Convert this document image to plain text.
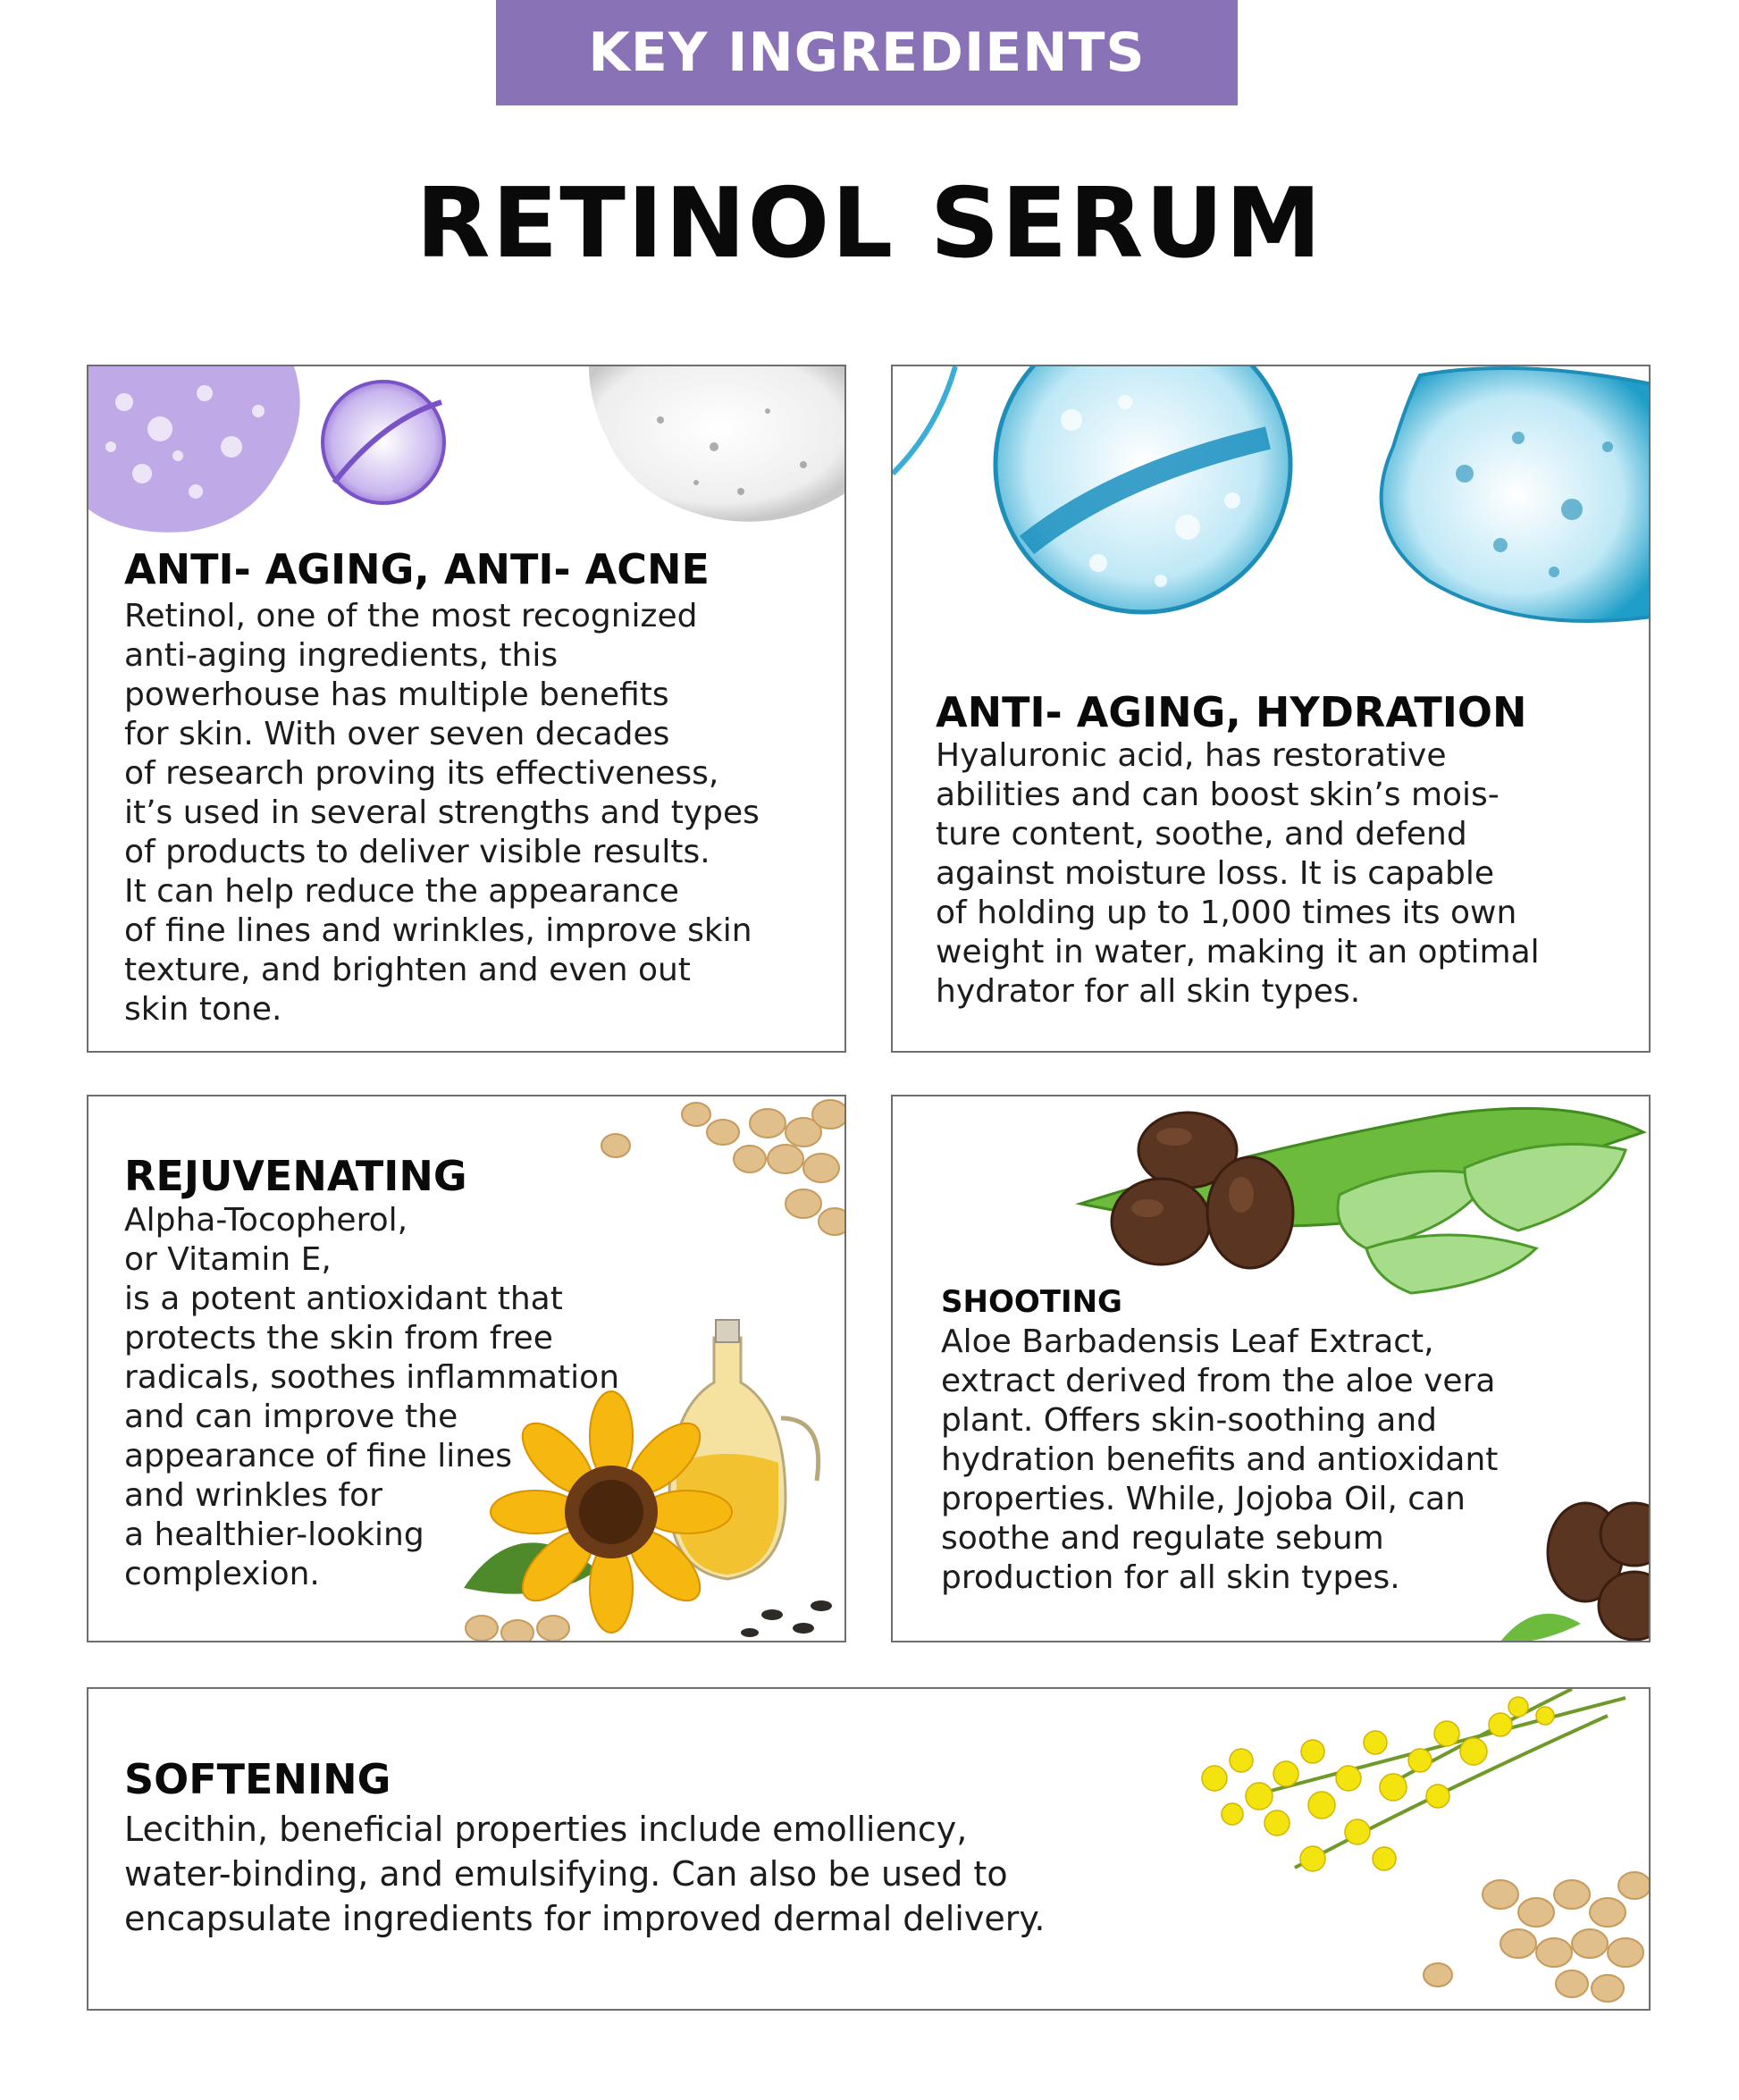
KEY INGREDIENTS
RETINOL SERUM
ANTI- AGING, ANTI- ACNE

Retinol, one of the most recognized
anti-aging ingredients, this
powerhouse has multiple benefits
for skin. With over seven decades
of research proving its effectiveness,
it’s used in several strengths and types
of products to deliver visible results.
It can help reduce the appearance
of fine lines and wrinkles, improve skin
texture, and brighten and even out
skin tone.

ANTI- AGING, HYDRATION

Hyaluronic acid, has restorative
abilities and can boost skin’s mois-
ture content, soothe, and defend
against moisture loss. It is capable
of holding up to 1,000 times its own
weight in water, making it an optimal
hydrator for all skin types.

REJUVENATING

Alpha-Tocopherol,
or Vitamin E,
is a potent antioxidant that
protects the skin from free
radicals, soothes inflammation
and can improve the
appearance of fine lines
and wrinkles for
a healthier-looking
complexion.

SHOOTING

Aloe Barbadensis Leaf Extract,
extract derived from the aloe vera
plant. Offers skin-soothing and
hydration benefits and antioxidant
properties. While, Jojoba Oil, can
soothe and regulate sebum
production for all skin types.

SOFTENING

Lecithin, beneficial properties include emolliency,
water-binding, and emulsifying. Can also be used to
encapsulate ingredients for improved dermal delivery.
